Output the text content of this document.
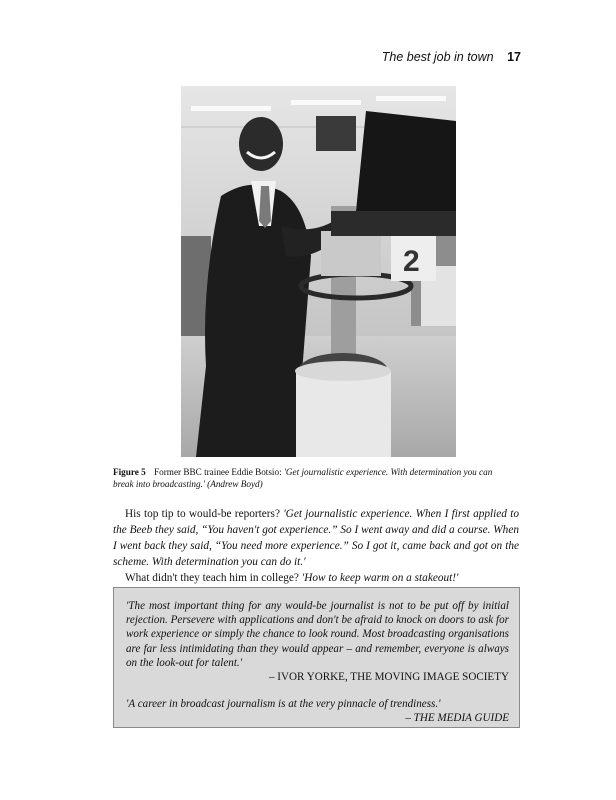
The best job in town 17
2
Figure 5 Former BBC trainee Eddie Botsio: 'Get journalistic experience. With determination you can break into broadcasting.' (Andrew Boyd)

His top tip to would-be reporters? 'Get journalistic experience. When I first applied to the Beeb they said, “You haven't got experience.” So I went away and did a course. When I went back they said, “You need more experience.” So I got it, came back and got on the scheme. With determination you can do it.'

What didn't they teach him in college? 'How to keep warm on a stakeout!'

'The most important thing for any would-be journalist is not to be put off by initial rejection. Persevere with applications and don't be afraid to knock on doors to ask for work experience or simply the chance to look round. Most broadcasting organisations are far less intimidating than they would appear – and remember, everyone is always on the look-out for talent.'

– IVOR YORKE, THE MOVING IMAGE SOCIETY

'A career in broadcast journalism is at the very pinnacle of trendiness.'

– THE MEDIA GUIDE
